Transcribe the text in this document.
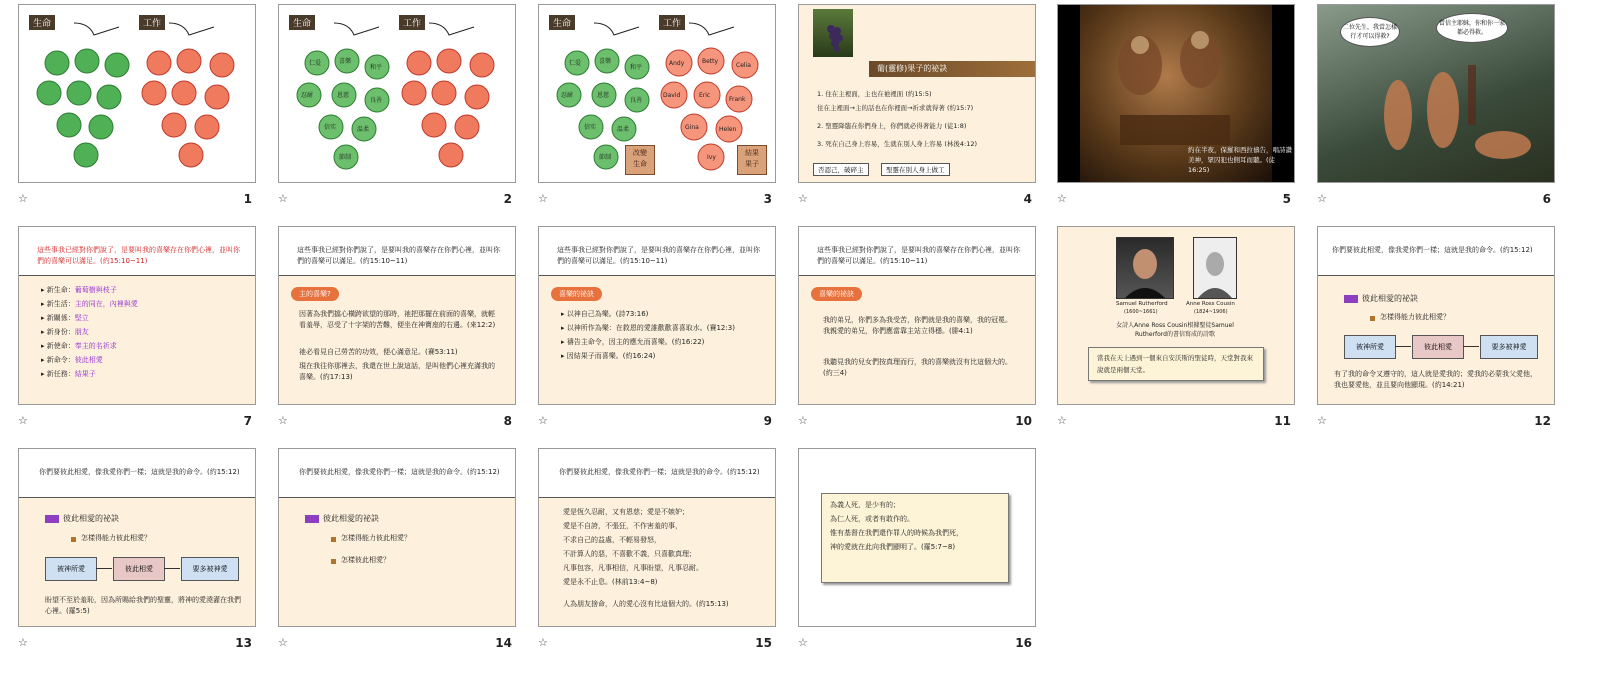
生命	工作
☆	1
生命	工作
仁爱	喜樂
和平
忍耐	恩慈
良善
信实	温柔
節制
☆	2
生命	工作
仁爱	喜樂
和平
忍耐	恩慈
良善
信实	温柔
節制
Andy	Betty
Celia
David	Eric
Frank
Gina	Helen
Ivy
改變
生命
結果
果子
☆	3
葡(靈修)果子的祕訣
1. 住在主裡面，主也在祂裡面 (約15:5)
住在主裡面→主的話也在你裡面→祈求就得著 (約15:7)
2. 聖靈降臨在你們身上，你們就必得著能力 (徒1:8)
3. 死在自己身上容易，生就在別人身上容易 (林後4:12)
否認己，破碎主	聖靈在別人身上做工
☆	4
約在半夜，保羅和西拉禱告，唱詩讚美神，眾囚犯也側耳而聽。(徒16:25)
☆	5
二位先生，我當怎樣行才可以得救?
當信主耶穌，你和你一家都必得救。
☆	6
這些事我已經對你們說了，是要叫我的喜樂存在你們心裡，並叫你們的喜樂可以滿足。(約15:10~11)
▸ 新生命：葡萄樹與枝子
▸ 新生活：主的同在，內裡與愛
▸ 新關係：堅立
▸ 新身份：朋友
▸ 新使命：奉主的名祈求
▸ 新命令：彼此相愛
▸ 新任務：結果子
☆	7
這些事我已經對你們說了，是要叫我的喜樂存在你們心裡，並叫你們的喜樂可以滿足。(約15:10~11)
主的喜樂?
因著為我們擋心橫跨欲望的那時，祂把那擺在前面的喜樂，就輕看羞辱，忍受了十字架的苦難，便坐在神寶座的右邊。(來12:2)
祂必看見自己勞苦的功效，便心滿意足。(賽53:11)
現在我往你那裡去，我還在世上說這話，是叫他們心裡充滿我的喜樂。(約17:13)
☆	8
這些事我已經對你們說了，是要叫我的喜樂存在你們心裡，並叫你們的喜樂可以滿足。(約15:10~11)
喜樂的祕訣
▸ 以神自己為樂。(詩73:16)
▸ 以神所作為樂：在救恩的愛誰歡歡喜喜取水。(賽12:3)
▸ 禱告主命令，因主的應允而喜樂。(約16:22)
▸ 因結果子而喜樂。(約16:24)
☆	9
這些事我已經對你們說了，是要叫我的喜樂存在你們心裡，並叫你們的喜樂可以滿足。(約15:10~11)
喜樂的祕訣
我的弟兄，你們多為我受苦，你們就是我的喜樂，我的冠冕。我親愛的弟兄，你們應當靠主站立得穩。(腓4:1)
我聽見我的兒女們按真理而行，我的喜樂就沒有比這個大的。(約三4)
☆	10
Samuel Rutherford	Anne Ross Cousin
(1600~1661)	(1824~1906)
女詩人Anne Ross Cousin根據聖徒Samuel Rutherford的書信寫成的詩歌
當我在天上遇到一個來自安沃斯的聖徒時，天堂對我來說就是兩個天堂。
☆	11
你們要彼此相愛，像我愛你們一樣；這就是我的命令。(約15:12)
彼此相愛的祕訣
怎樣得能力彼此相愛？
被神所愛	彼此相愛	要多被神愛
有了我的命令又遵守的，這人就是愛我的；愛我的必蒙我父愛他，我也要愛他，並且要向他顯現。(約14:21)
☆	12
你們要彼此相愛，像我愛你們一樣；這就是我的命令。(約15:12)
彼此相愛的祕訣
怎樣得能力彼此相愛？
被神所愛	彼此相愛	要多被神愛
盼望不至於羞恥，因為所賜給我們的聖靈，將神的愛澆灌在我們心裡。(羅5:5)
☆	13
你們要彼此相愛，像我愛你們一樣；這就是我的命令。(約15:12)
彼此相愛的祕訣
怎樣得能力彼此相愛？
怎樣彼此相愛？
☆	14
你們要彼此相愛，像我愛你們一樣；這就是我的命令。(約15:12)
愛是恆久忍耐，又有恩慈；愛是不嫉妒；
愛是不自誇，不張狂，不作害羞的事，
不求自己的益處，不輕易發怒，
不計算人的惡，不喜歡不義，只喜歡真理；
凡事包容，凡事相信，凡事盼望，凡事忍耐。
愛是永不止息。(林前13:4~8)
人為朋友捨命，人的愛心沒有比這個大的。(約15:13)
☆	15
為義人死，是少有的；
為仁人死，或者有敢作的。
惟有基督在我們還作罪人的時候為我們死，
神的愛就在此向我們顯明了。(羅5:7~8)
☆	16
